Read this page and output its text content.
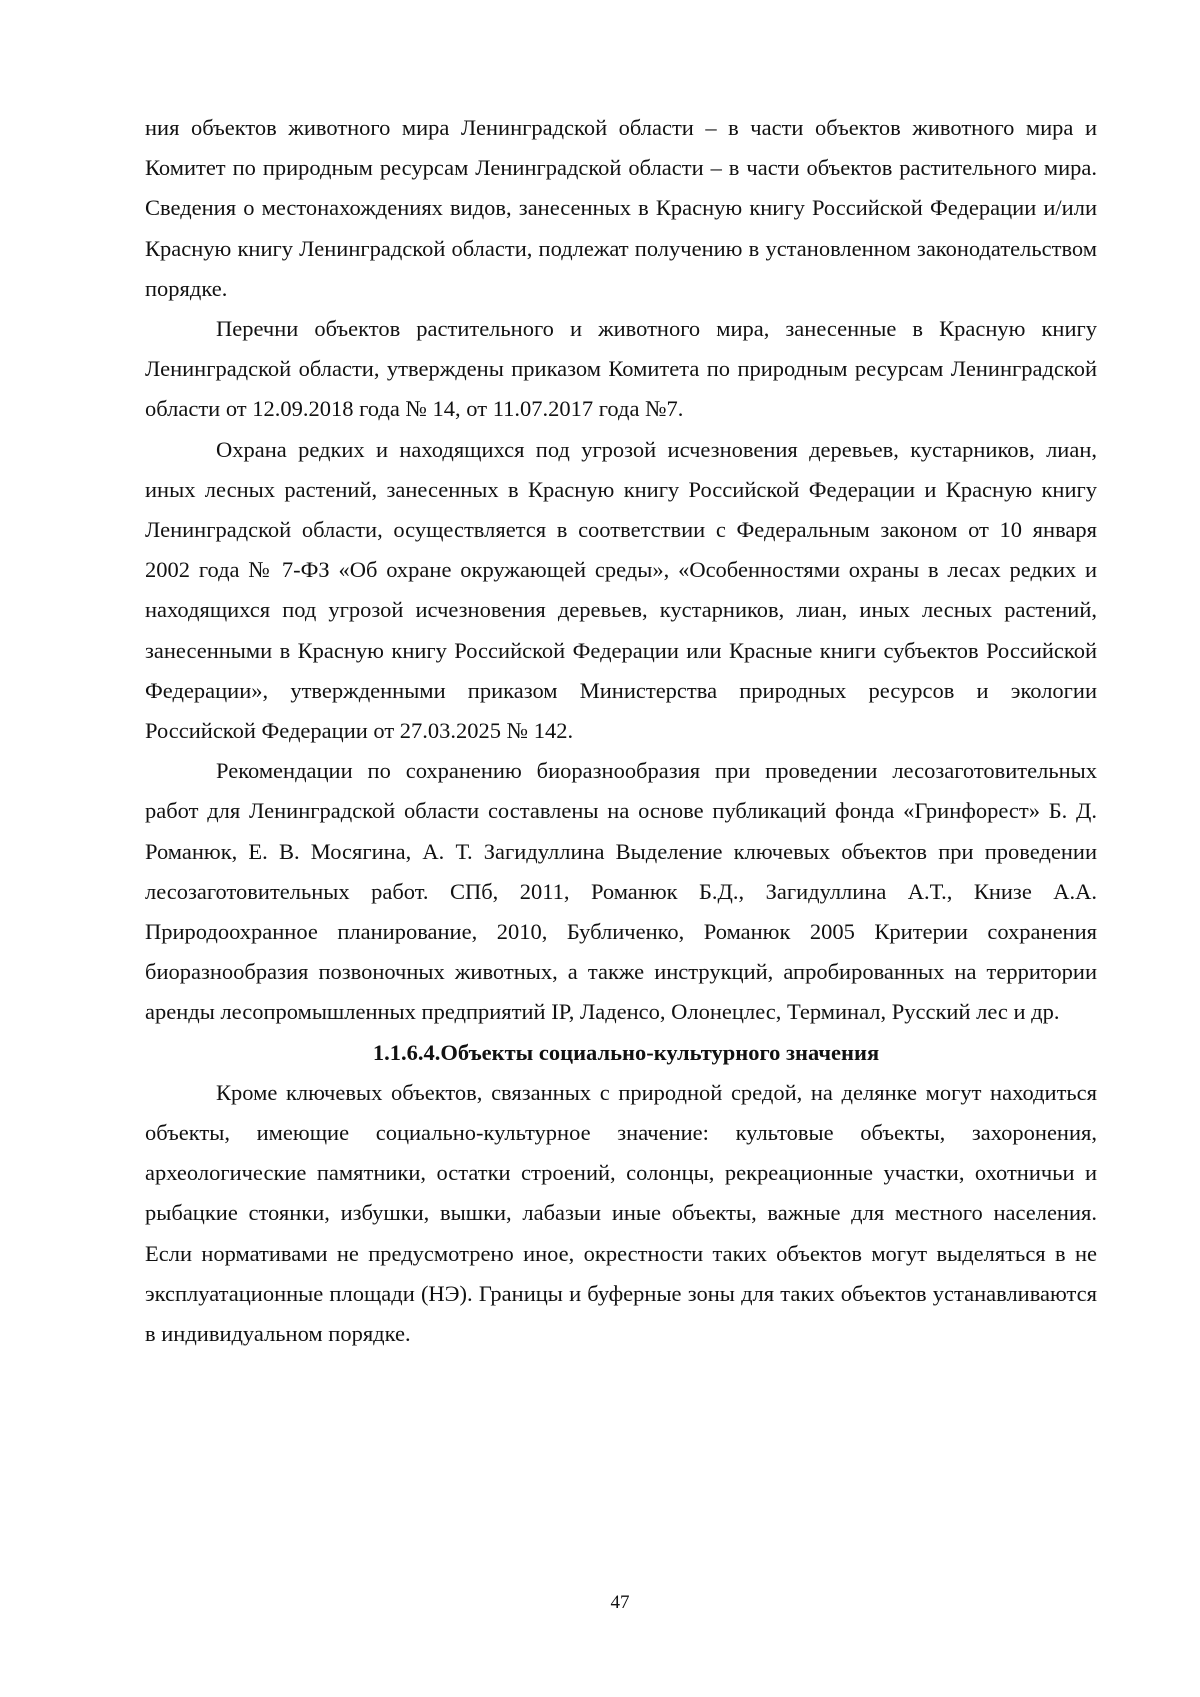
ния объектов животного мира Ленинградской области – в части объектов животного мира и Комитет по природным ресурсам Ленинградской области – в части объектов растительного мира. Сведения о местонахождениях видов, занесенных в Красную книгу Российской Федерации и/или Красную книгу Ленинградской области, подлежат получению в установленном законодательством порядке.

Перечни объектов растительного и животного мира, занесенные в Красную книгу Ленинградской области, утверждены приказом Комитета по природным ресурсам Ленинградской области от 12.09.2018 года № 14, от 11.07.2017 года №7.

Охрана редких и находящихся под угрозой исчезновения деревьев, кустарников, лиан, иных лесных растений, занесенных в Красную книгу Российской Федерации и Красную книгу Ленинградской области, осуществляется в соответствии с Федеральным законом от 10 января 2002 года № 7-ФЗ «Об охране окружающей среды», «Особенностями охраны в лесах редких и находящихся под угрозой исчезновения деревьев, кустарников, лиан, иных лесных растений, занесенными в Красную книгу Российской Федерации или Красные книги субъектов Российской Федерации», утвержденными приказом Министерства природных ресурсов и экологии Российской Федерации от 27.03.2025 № 142.

Рекомендации по сохранению биоразнообразия при проведении лесозаготовительных работ для Ленинградской области составлены на основе публикаций фонда «Гринфорест» Б. Д. Романюк, Е. В. Мосягина, А. Т. Загидуллина Выделение ключевых объектов при проведении лесозаготовительных работ. СПб, 2011, Романюк Б.Д., Загидуллина А.Т., Книзе А.А. Природоохранное планирование, 2010, Бубличенко, Романюк 2005 Критерии сохранения биоразнообразия позвоночных животных, а также инструкций, апробированных на территории аренды лесопромышленных предприятий IP, Ладенсо, Олонецлес, Терминал, Русский лес и др.

1.1.6.4.Объекты социально-культурного значения

Кроме ключевых объектов, связанных с природной средой, на делянке могут находиться объекты, имеющие социально-культурное значение: культовые объекты, захоронения, археологические памятники, остатки строений, солонцы, рекреационные участки, охотничьи и рыбацкие стоянки, избушки, вышки, лабазыи иные объекты, важные для местного населения. Если нормативами не предусмотрено иное, окрестности таких объектов могут выделяться в не эксплуатационные площади (НЭ). Границы и буферные зоны для таких объектов устанавливаются в индивидуальном порядке.

47
